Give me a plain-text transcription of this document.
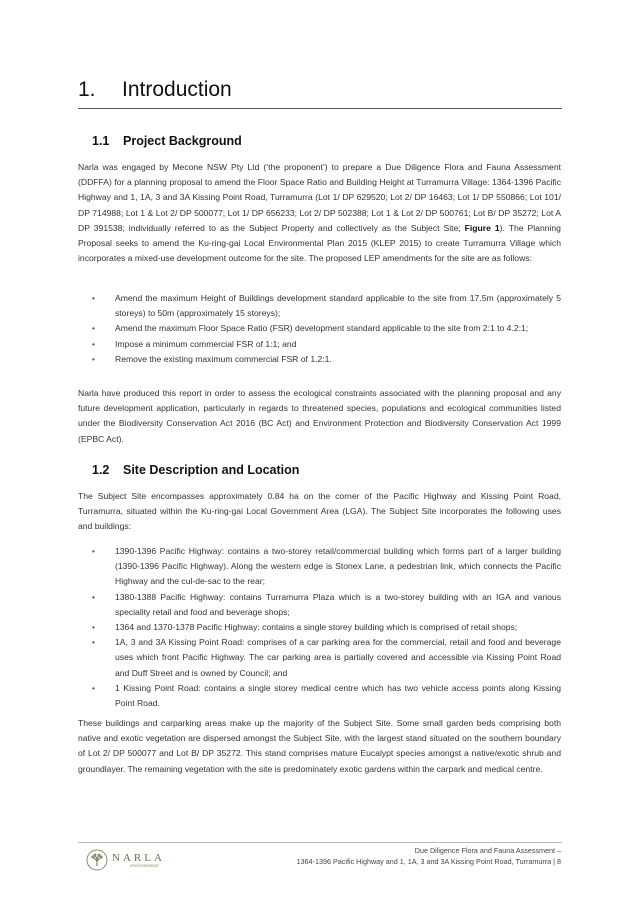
1.	Introduction
1.1	Project Background
Narla was engaged by Mecone NSW Pty Ltd (‘the proponent’) to prepare a Due Diligence Flora and Fauna Assessment (DDFFA) for a planning proposal to amend the Floor Space Ratio and Building Height at Turramurra Village: 1364-1396 Pacific Highway and 1, 1A, 3 and 3A Kissing Point Road, Turramurra (Lot 1/ DP 629520; Lot 2/ DP 16463; Lot 1/ DP 550866; Lot 101/ DP 714988; Lot 1 & Lot 2/ DP 500077; Lot 1/ DP 656233; Lot 2/ DP 502388; Lot 1 & Lot 2/ DP 500761; Lot B/ DP 35272; Lot A DP 391538; individually referred to as the Subject Property and collectively as the Subject Site; Figure 1). The Planning Proposal seeks to amend the Ku-ring-gai Local Environmental Plan 2015 (KLEP 2015) to create Turramurra Village which incorporates a mixed-use development outcome for the site. The proposed LEP amendments for the site are as follows:
• Amend the maximum Height of Buildings development standard applicable to the site from 17.5m (approximately 5 storeys) to 50m (approximately 15 storeys);
• Amend the maximum Floor Space Ratio (FSR) development standard applicable to the site from 2:1 to 4.2:1;
• Impose a minimum commercial FSR of 1:1; and
• Remove the existing maximum commercial FSR of 1.2:1.
Narla have produced this report in order to assess the ecological constraints associated with the planning proposal and any future development application, particularly in regards to threatened species, populations and ecological communities listed under the Biodiversity Conservation Act 2016 (BC Act) and Environment Protection and Biodiversity Conservation Act 1999 (EPBC Act).
1.2	Site Description and Location
The Subject Site encompasses approximately 0.84 ha on the corner of the Pacific Highway and Kissing Point Road, Turramurra, situated within the Ku-ring-gai Local Government Area (LGA). The Subject Site incorporates the following uses and buildings:
• 1390-1396 Pacific Highway: contains a two-storey retail/commercial building which forms part of a larger building (1390-1396 Pacific Highway). Along the western edge is Stonex Lane, a pedestrian link, which connects the Pacific Highway and the cul-de-sac to the rear;
• 1380-1388 Pacific Highway: contains Turramurra Plaza which is a two-storey building with an IGA and various speciality retail and food and beverage shops;
• 1364 and 1370-1378 Pacific Highway: contains a single storey building which is comprised of retail shops;
• 1A, 3 and 3A Kissing Point Road: comprises of a car parking area for the commercial, retail and food and beverage uses which front Pacific Highway. The car parking area is partially covered and accessible via Kissing Point Road and Duff Street and is owned by Council; and
• 1 Kissing Point Road: contains a single storey medical centre which has two vehicle access points along Kissing Point Road.
These buildings and carparking areas make up the majority of the Subject Site. Some small garden beds comprising both native and exotic vegetation are dispersed amongst the Subject Site, with the largest stand situated on the southern boundary of Lot 2/ DP 500077 and Lot B/ DP 35272. This stand comprises mature Eucalypt species amongst a native/exotic shrub and groundlayer. The remaining vegetation with the site is predominately exotic gardens within the carpark and medical centre.
NARLA
environmental
Due Diligence Flora and Fauna Assessment –
1364-1396 Pacific Highway and 1, 1A, 3 and 3A Kissing Point Road, Turramurra | 8
